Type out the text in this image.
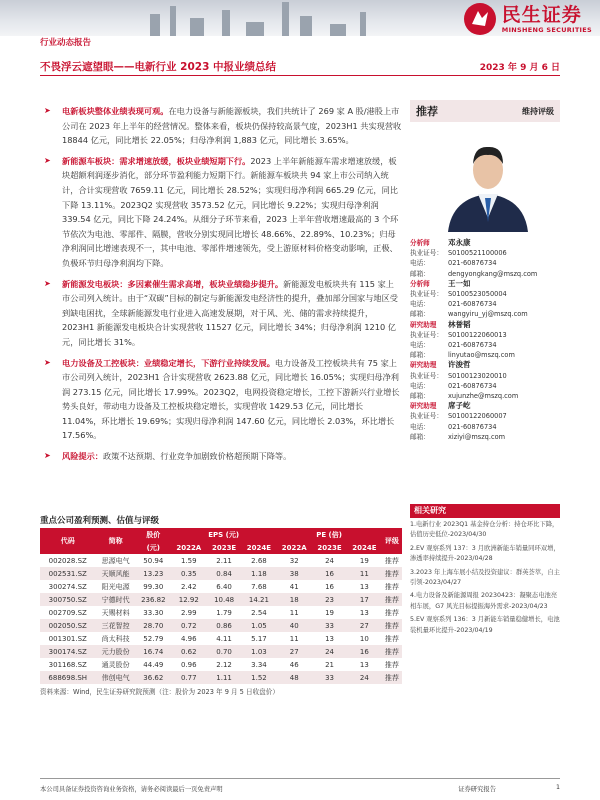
民生证券
MINSHENG SECURITIES
行业动态报告
不畏浮云遮望眼——电新行业 2023 中报业绩总结	2023 年 9 月 6 日
➤ 电新板块整体业绩表现可观。在电力设备与新能源板块，我们共统计了 269 家 A 股/港股上市公司在 2023 年上半年的经营情况。整体来看，板块仍保持较高景气度，2023H1 共实现营收 18844 亿元，同比增长 22.05%；归母净利润 1,883 亿元，同比增长 3.65%。
➤ 新能源车板块：需求增速放缓，板块业绩短期下行。2023 上半年新能源车需求增速放缓，板块超额利润逐步消化，部分环节盈利能力短期下行。新能源车板块共 94 家上市公司纳入统计，合计实现营收 7659.11 亿元，同比增长 28.52%；实现归母净利润 665.29 亿元，同比下降 13.11%。2023Q2 实现营收 3573.52 亿元，同比增长 9.22%；实现归母净利润 339.54 亿元，同比下降 24.24%。从细分子环节来看，2023 上半年营收增速最高的 3 个环节依次为电池、零部件、隔膜，营收分别实现同比增长 48.66%、22.89%、10.23%；归母净利润同比增速表现不一，其中电池、零部件增速领先，受上游原材料价格变动影响，正极、负极环节归母净利润均下降。
➤ 新能源发电板块：多因素催生需求高增，板块业绩稳步提升。新能源发电板块共有 115 家上市公司列入统计。由于“双碳”目标的制定与新能源发电经济性的提升，叠加部分国家与地区受到缺电困扰，全球新能源发电行业进入高速发展期，对于风、光、储的需求持续提升，2023H1 新能源发电板块合计实现营收 11527 亿元，同比增长 34%；归母净利润 1210 亿元，同比增长 31%。
➤ 电力设备及工控板块：业绩稳定增长，下游行业持续发展。电力设备及工控板块共有 75 家上市公司列入统计，2023H1 合计实现营收 2623.88 亿元，同比增长 16.05%；实现归母净利润 273.15 亿元，同比增长 17.99%。2023Q2，电网投资稳定增长，工控下游新兴行业增长势头良好，带动电力设备及工控板块稳定增长，实现营收 1429.53 亿元，同比增长 11.04%，环比增长 19.69%；实现归母净利润 147.60 亿元，同比增长 2.03%，环比增长 17.56%。
➤ 风险提示：政策不达预期、行业竞争加剧致价格超预期下降等。
重点公司盈利预测、估值与评级
代码	简称	股价	EPS (元)			PE (倍)			评级
		(元)	2022A	2023E	2024E	2022A	2023E	2024E	
002028.SZ	思源电气	50.94	1.59	2.11	2.68	32	24	19	推荐
002531.SZ	天顺风能	13.23	0.35	0.84	1.18	38	16	11	推荐
300274.SZ	阳光电源	99.30	2.42	6.40	7.68	41	16	13	推荐
300750.SZ	宁德时代	236.82	12.92	10.48	14.21	18	23	17	推荐
002709.SZ	天赐材料	33.30	2.99	1.79	2.54	11	19	13	推荐
002050.SZ	三花智控	28.70	0.72	0.86	1.05	40	33	27	推荐
001301.SZ	尚太科技	52.79	4.96	4.11	5.17	11	13	10	推荐
300174.SZ	元力股份	16.74	0.62	0.70	1.03	27	24	16	推荐
301168.SZ	通灵股份	44.49	0.96	2.12	3.34	46	21	13	推荐
688698.SH	伟创电气	36.62	0.77	1.11	1.52	48	33	24	推荐
资料来源：Wind，民生证券研究院预测（注：股价为 2023 年 9 月 5 日收盘价）
推荐	维持评级
分析师	邓永康
执业证号： S0100521100006
电话：	021-60876734
邮箱：	dengyongkang@mszq.com
分析师	王一如
执业证号： S0100523050004
电话：	021-60876734
邮箱：	wangyiru_yj@mszq.com
研究助理	林誉韬
执业证号： S0100122060013
电话：	021-60876734
邮箱：	linyutao@mszq.com
研究助理	许浚哲
执业证号： S0100123020010
电话：	021-60876734
邮箱：	xujunzhe@mszq.com
研究助理	席子屹
执业证号： S0100122060007
电话：	021-60876734
邮箱：	xiziyi@mszq.com
相关研究
1.电新行业 2023Q1 基金持仓分析：持仓环比下降，估值历史低位-2023/04/30
2.EV 观察系列 137：3 月欧洲新能车销量同环双增，渗透率持续提升-2023/04/28
3.2023 年上海车展小结及投资建议：群英荟萃，自主引领-2023/04/27
4.电力设备及新能源周报 20230423：凝聚态电池亮相车展，G7 风光目标提振海外需求-2023/04/23
5.EV 观察系列 136：3 月新能车销量稳健增长，电池装机量环比提升-2023/04/19
本公司具备证券投资咨询业务资格，请务必阅读最后一页免责声明	证券研究报告	1
